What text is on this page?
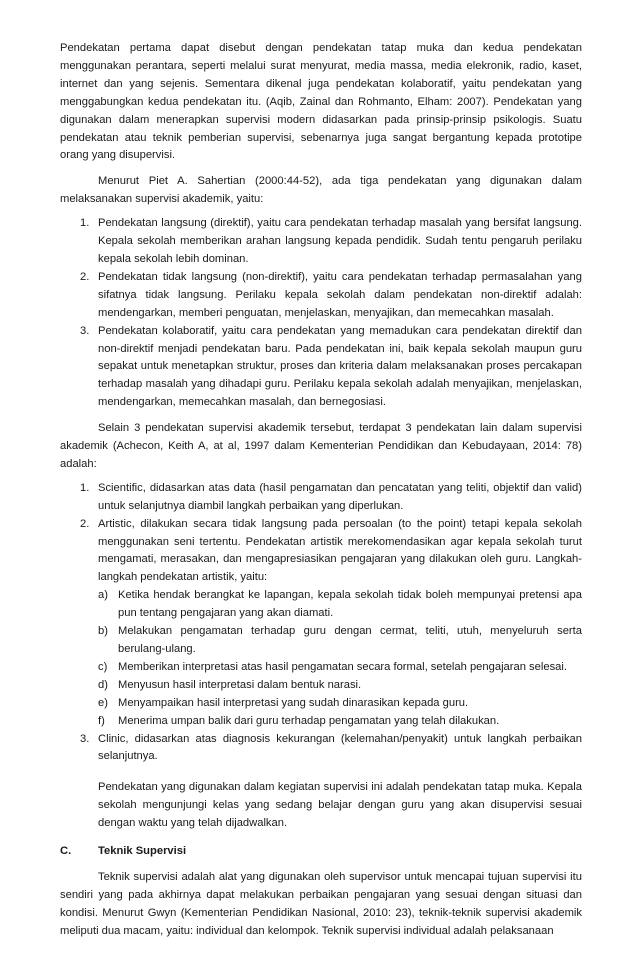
Pendekatan pertama dapat disebut dengan pendekatan tatap muka dan kedua pendekatan menggunakan perantara, seperti melalui surat menyurat, media massa, media elekronik, radio, kaset, internet dan yang sejenis. Sementara dikenal juga pendekatan kolaboratif, yaitu pendekatan yang menggabungkan kedua pendekatan itu. (Aqib, Zainal dan Rohmanto, Elham: 2007). Pendekatan yang digunakan dalam menerapkan supervisi modern didasarkan pada prinsip-prinsip psikologis. Suatu pendekatan atau teknik pemberian supervisi, sebenarnya juga sangat bergantung kepada prototipe orang yang disupervisi.

Menurut Piet A. Sahertian (2000:44-52), ada tiga pendekatan yang digunakan dalam melaksanakan supervisi akademik, yaitu:

1. Pendekatan langsung (direktif), yaitu cara pendekatan terhadap masalah yang bersifat langsung. Kepala sekolah memberikan arahan langsung kepada pendidik. Sudah tentu pengaruh perilaku kepala sekolah lebih dominan.
2. Pendekatan tidak langsung (non-direktif), yaitu cara pendekatan terhadap permasalahan yang sifatnya tidak langsung. Perilaku kepala sekolah dalam pendekatan non-direktif adalah: mendengarkan, memberi penguatan, menjelaskan, menyajikan, dan memecahkan masalah.
3. Pendekatan kolaboratif, yaitu cara pendekatan yang memadukan cara pendekatan direktif dan non-direktif menjadi pendekatan baru. Pada pendekatan ini, baik kepala sekolah maupun guru sepakat untuk menetapkan struktur, proses dan kriteria dalam melaksanakan proses percakapan terhadap masalah yang dihadapi guru. Perilaku kepala sekolah adalah menyajikan, menjelaskan, mendengarkan, memecahkan masalah, dan bernegosiasi.

Selain 3 pendekatan supervisi akademik tersebut, terdapat 3 pendekatan lain dalam supervisi akademik (Achecon, Keith A, at al, 1997 dalam Kementerian Pendidikan dan Kebudayaan, 2014: 78) adalah:

1. Scientific, didasarkan atas data (hasil pengamatan dan pencatatan yang teliti, objektif dan valid) untuk selanjutnya diambil langkah perbaikan yang diperlukan.
2. Artistic, dilakukan secara tidak langsung pada persoalan (to the point) tetapi kepala sekolah menggunakan seni tertentu. Pendekatan artistik merekomendasikan agar kepala sekolah turut mengamati, merasakan, dan mengapresiasikan pengajaran yang dilakukan oleh guru. Langkah-langkah pendekatan artistik, yaitu:
a) Ketika hendak berangkat ke lapangan, kepala sekolah tidak boleh mempunyai pretensi apa pun tentang pengajaran yang akan diamati.
b) Melakukan pengamatan terhadap guru dengan cermat, teliti, utuh, menyeluruh serta berulang-ulang.
c) Memberikan interpretasi atas hasil pengamatan secara formal, setelah pengajaran selesai.
d) Menyusun hasil interpretasi dalam bentuk narasi.
e) Menyampaikan hasil interpretasi yang sudah dinarasikan kepada guru.
f) Menerima umpan balik dari guru terhadap pengamatan yang telah dilakukan.
3. Clinic, didasarkan atas diagnosis kekurangan (kelemahan/penyakit) untuk langkah perbaikan selanjutnya.

Pendekatan yang digunakan dalam kegiatan supervisi ini adalah pendekatan tatap muka. Kepala sekolah mengunjungi kelas yang sedang belajar dengan guru yang akan disupervisi sesuai dengan waktu yang telah dijadwalkan.

C.	Teknik Supervisi

Teknik supervisi adalah alat yang digunakan oleh supervisor untuk mencapai tujuan supervisi itu sendiri yang pada akhirnya dapat melakukan perbaikan pengajaran yang sesuai dengan situasi dan kondisi. Menurut Gwyn (Kementerian Pendidikan Nasional, 2010: 23), teknik-teknik supervisi akademik meliputi dua macam, yaitu: individual dan kelompok. Teknik supervisi individual adalah pelaksanaan
